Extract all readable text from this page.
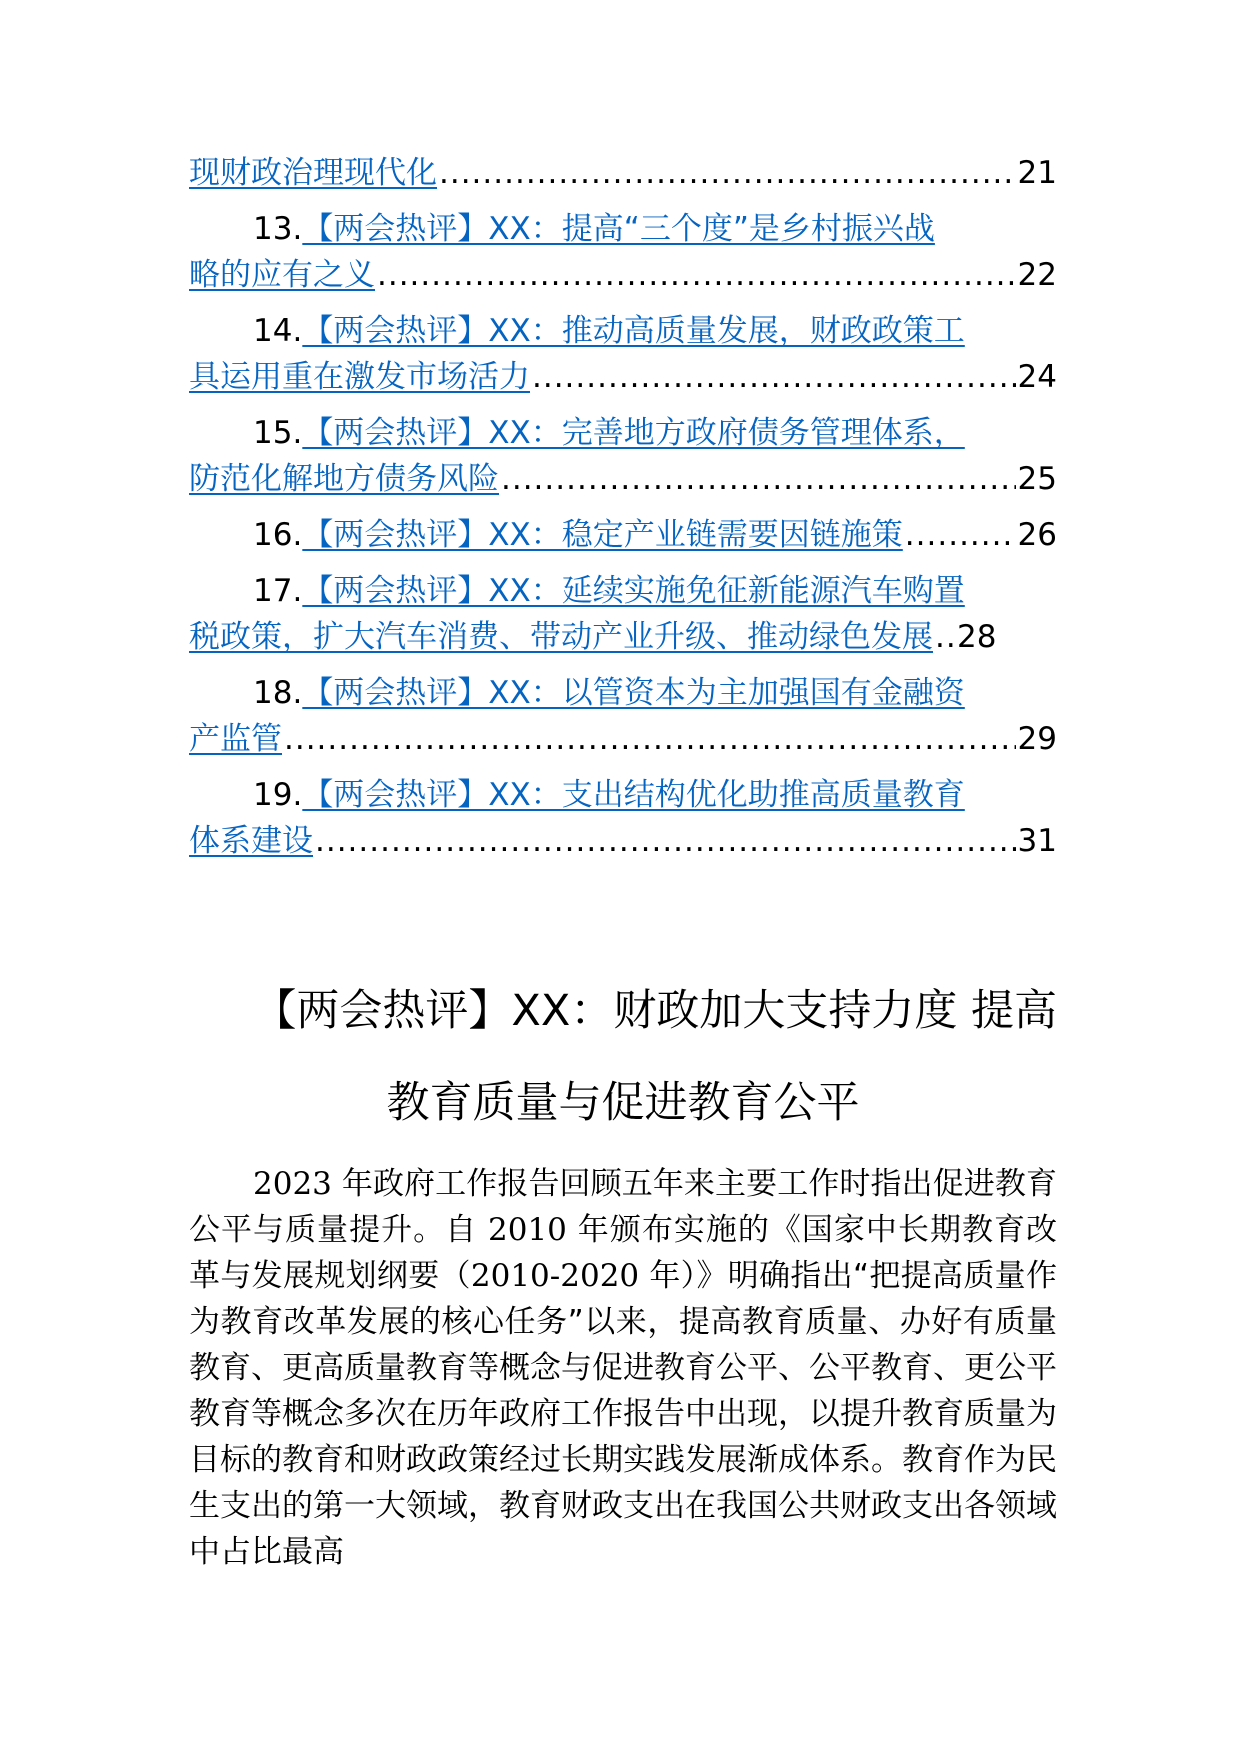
现财政治理现代化 .....	21
13. 【两会热评】XX：提高“三个度”是乡村振兴战
略的应有之义 .....	22
14. 【两会热评】XX：推动高质量发展，财政政策工
具运用重在激发市场活力 .....	24
15. 【两会热评】XX：完善地方政府债务管理体系，
防范化解地方债务风险 .....	25
16. 【两会热评】XX：稳定产业链需要因链施策 .....	26
17. 【两会热评】XX：延续实施免征新能源汽车购置
税政策，扩大汽车消费、带动产业升级、推动绿色发展 ..... 28
18. 【两会热评】XX：以管资本为主加强国有金融资
产监管 .....	29
19. 【两会热评】XX：支出结构优化助推高质量教育
体系建设 .....	31
【两会热评】XX：财政加大支持力度 提高
教育质量与促进教育公平
2023 年政府工作报告回顾五年来主要工作时指出促进教育公平与质量提升。自 2010 年颁布实施的《国家中长期教育改革与发展规划纲要（2010-2020 年）》明确指出“把提高质量作为教育改革发展的核心任务”以来，提高教育质量、办好有质量教育、更高质量教育等概念与促进教育公平、公平教育、更公平教育等概念多次在历年政府工作报告中出现，以提升教育质量为目标的教育和财政政策经过长期实践发展渐成体系。教育作为民生支出的第一大领域，教育财政支出在我国公共财政支出各领域中占比最高
